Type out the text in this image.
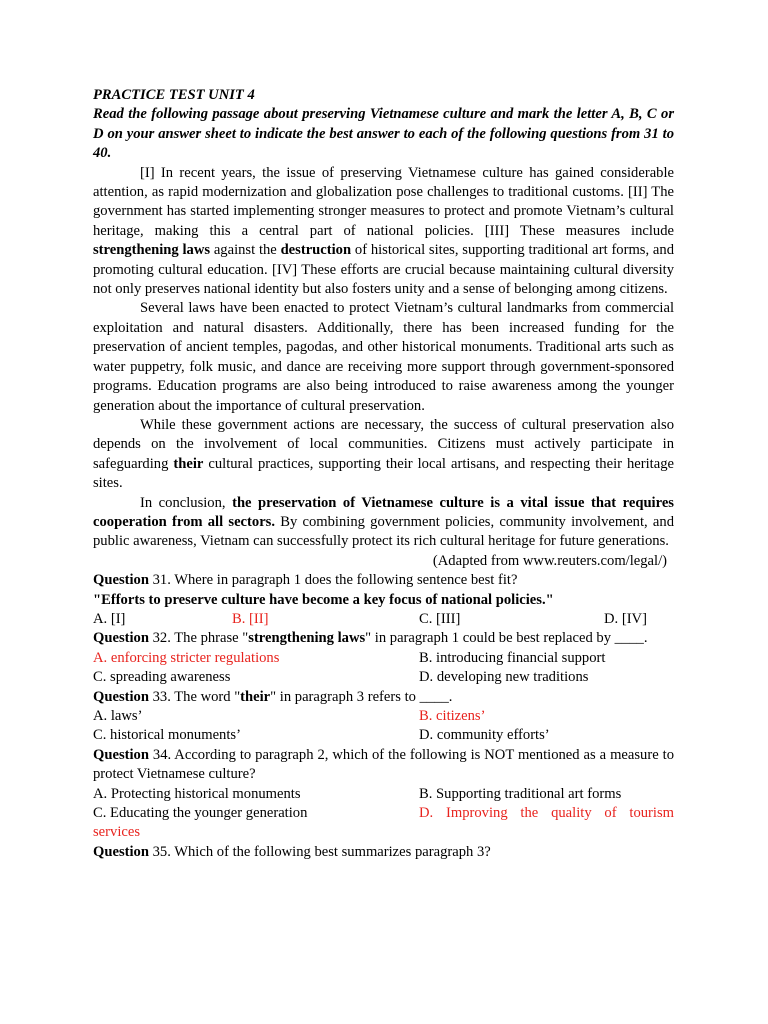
PRACTICE TEST UNIT 4
Read the following passage about preserving Vietnamese culture and mark the letter A, B, C or D on your answer sheet to indicate the best answer to each of the following questions from 31 to 40.

[I] In recent years, the issue of preserving Vietnamese culture has gained considerable attention, as rapid modernization and globalization pose challenges to traditional customs. [II] The government has started implementing stronger measures to protect and promote Vietnam’s cultural heritage, making this a central part of national policies. [III] These measures include strengthening laws against the destruction of historical sites, supporting traditional art forms, and promoting cultural education. [IV] These efforts are crucial because maintaining cultural diversity not only preserves national identity but also fosters unity and a sense of belonging among citizens.

Several laws have been enacted to protect Vietnam’s cultural landmarks from commercial exploitation and natural disasters. Additionally, there has been increased funding for the preservation of ancient temples, pagodas, and other historical monuments. Traditional arts such as water puppetry, folk music, and dance are receiving more support through government-sponsored programs. Education programs are also being introduced to raise awareness among the younger generation about the importance of cultural preservation.

While these government actions are necessary, the success of cultural preservation also depends on the involvement of local communities. Citizens must actively participate in safeguarding their cultural practices, supporting their local artisans, and respecting their heritage sites.

In conclusion, the preservation of Vietnamese culture is a vital issue that requires cooperation from all sectors. By combining government policies, community involvement, and public awareness, Vietnam can successfully protect its rich cultural heritage for future generations.

(Adapted from www.reuters.com/legal/)
Question 31. Where in paragraph 1 does the following sentence best fit?
"Efforts to preserve culture have become a key focus of national policies."
A. [I]	B. [II]	C. [III]	D. [IV]
Question 32. The phrase "strengthening laws" in paragraph 1 could be best replaced by ____.
A. enforcing stricter regulations	B. introducing financial support
C. spreading awareness	D. developing new traditions
Question 33. The word "their" in paragraph 3 refers to ____.
A. laws’	B. citizens’
C. historical monuments’	D. community efforts’
Question 34. According to paragraph 2, which of the following is NOT mentioned as a measure to protect Vietnamese culture?
A. Protecting historical monuments	B. Supporting traditional art forms
C. Educating the younger generation	D. Improving the quality of tourism
services
Question 35. Which of the following best summarizes paragraph 3?
